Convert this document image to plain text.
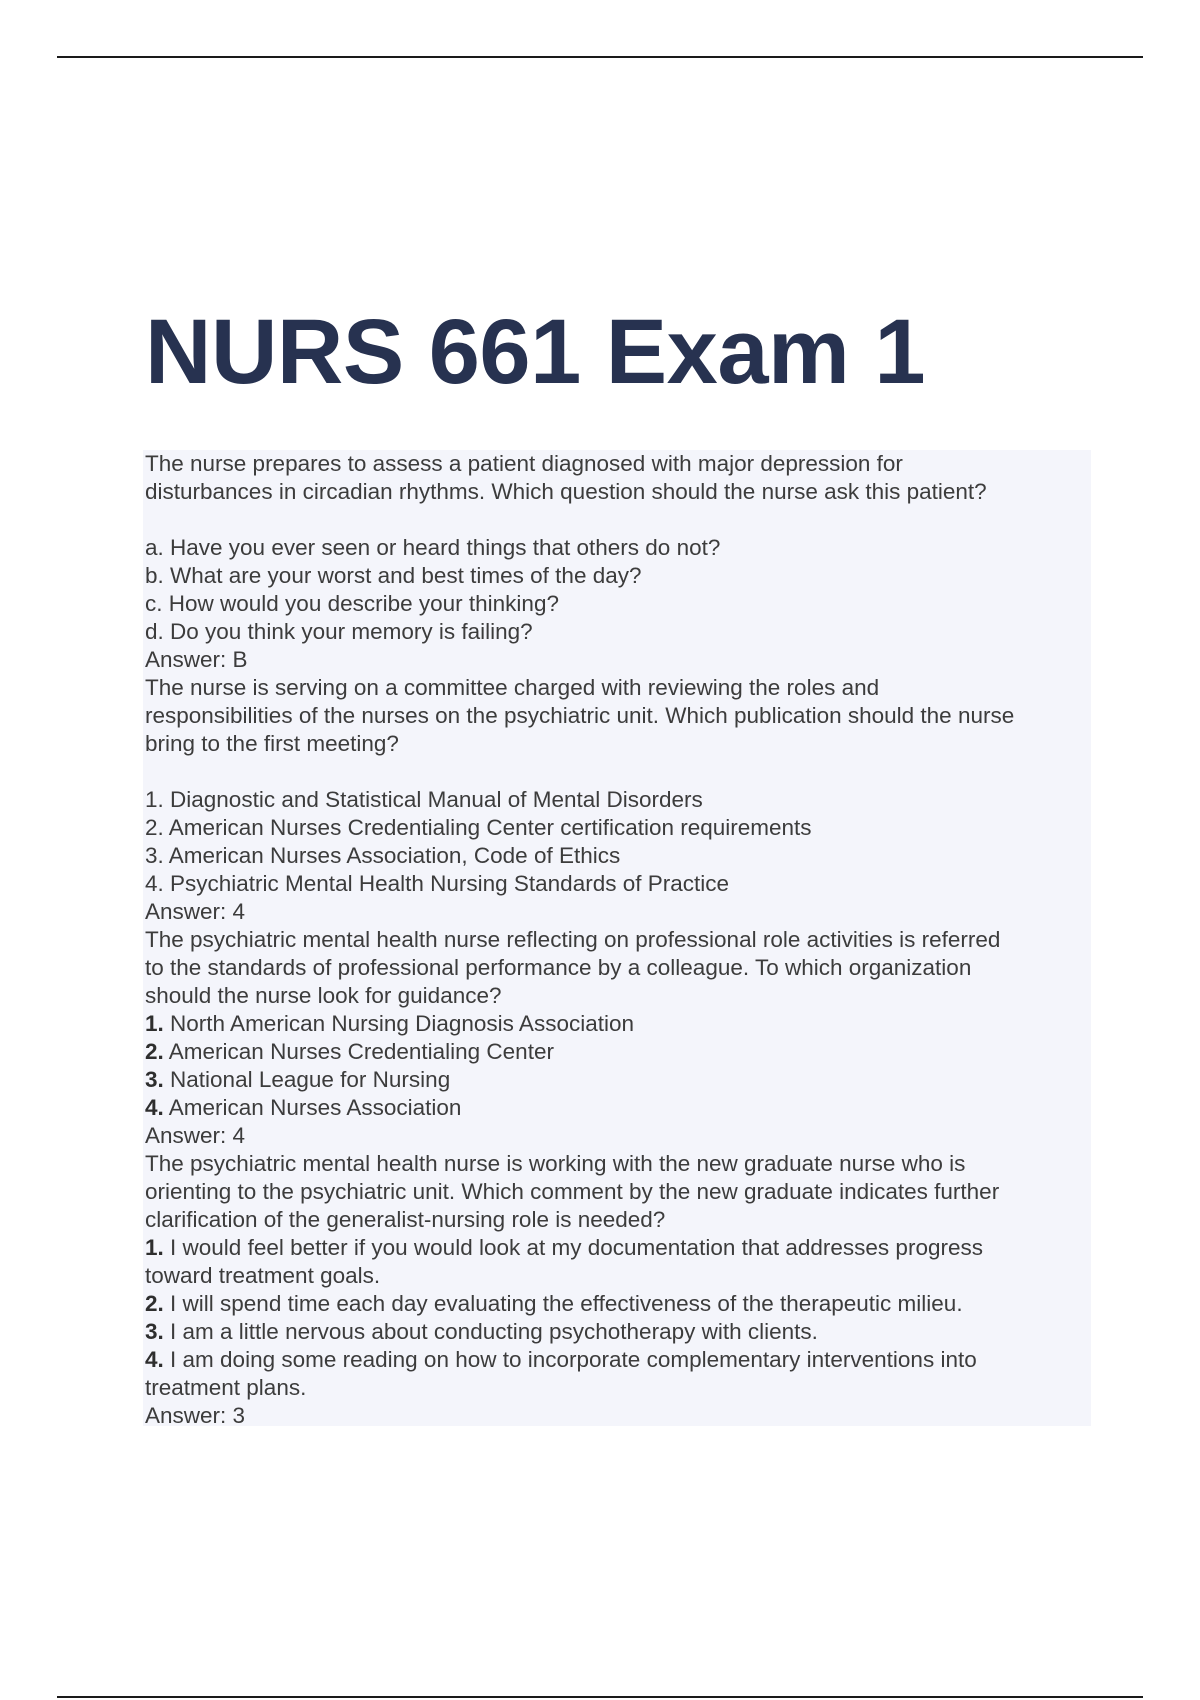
NURS 661 Exam 1

The nurse prepares to assess a patient diagnosed with major depression for

disturbances in circadian rhythms. Which question should the nurse ask this patient?

a. Have you ever seen or heard things that others do not?

b. What are your worst and best times of the day?

c. How would you describe your thinking?

d. Do you think your memory is failing?

Answer: B

The nurse is serving on a committee charged with reviewing the roles and

responsibilities of the nurses on the psychiatric unit. Which publication should the nurse

bring to the first meeting?

1. Diagnostic and Statistical Manual of Mental Disorders

2. American Nurses Credentialing Center certification requirements

3. American Nurses Association, Code of Ethics

4. Psychiatric Mental Health Nursing Standards of Practice

Answer: 4

The psychiatric mental health nurse reflecting on professional role activities is referred

to the standards of professional performance by a colleague. To which organization

should the nurse look for guidance?

1. North American Nursing Diagnosis Association

2. American Nurses Credentialing Center

3. National League for Nursing

4. American Nurses Association

Answer: 4

The psychiatric mental health nurse is working with the new graduate nurse who is

orienting to the psychiatric unit. Which comment by the new graduate indicates further

clarification of the generalist-nursing role is needed?

1. I would feel better if you would look at my documentation that addresses progress

toward treatment goals.

2. I will spend time each day evaluating the effectiveness of the therapeutic milieu.

3. I am a little nervous about conducting psychotherapy with clients.

4. I am doing some reading on how to incorporate complementary interventions into

treatment plans.

Answer: 3
